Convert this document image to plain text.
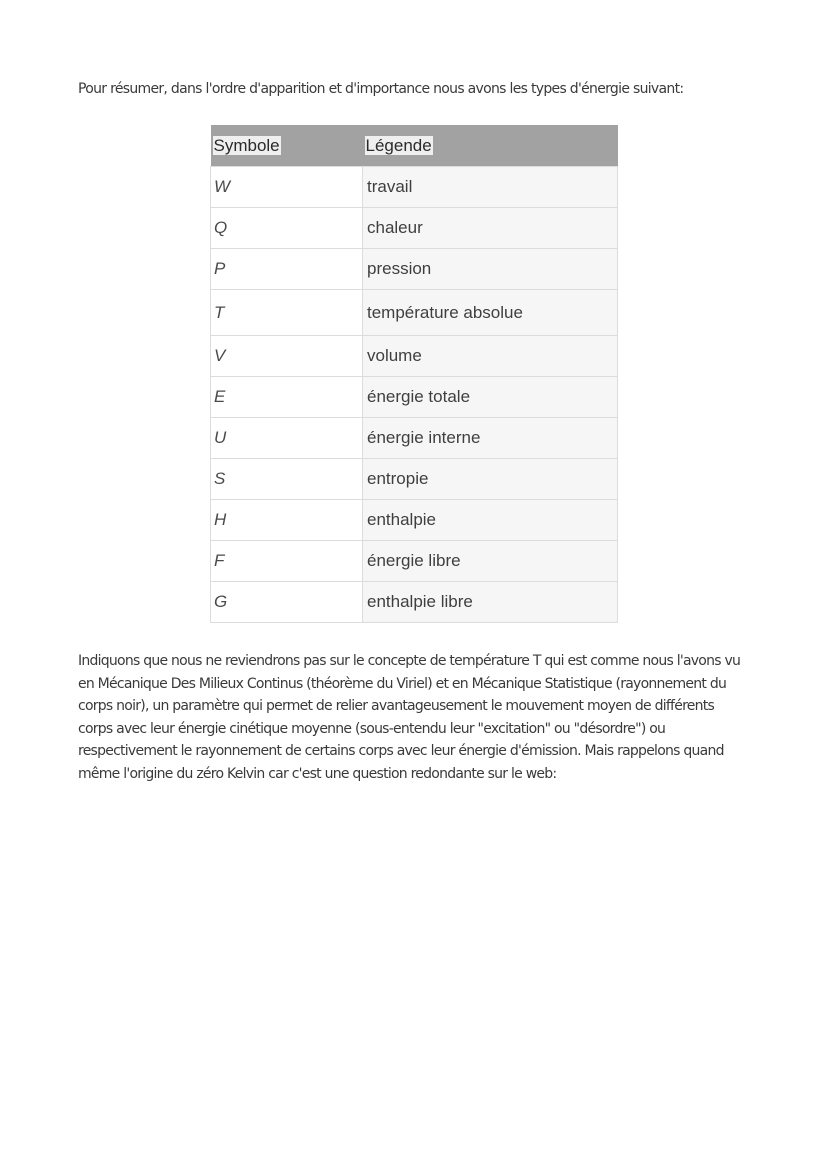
Pour résumer, dans l'ordre d'apparition et d'importance nous avons les types d'énergie suivant:

Symbole	Légende
W	travail
Q	chaleur
P	pression
T	température absolue
V	volume
E	énergie totale
U	énergie interne
S	entropie
H	enthalpie
F	énergie libre
G	enthalpie libre

Indiquons que nous ne reviendrons pas sur le concepte de température T qui est comme nous l'avons vu en Mécanique Des Milieux Continus (théorème du Viriel) et en Mécanique Statistique (rayonnement du corps noir), un paramètre qui permet de relier avantageusement le mouvement moyen de différents corps avec leur énergie cinétique moyenne (sous-entendu leur "excitation" ou "désordre") ou respectivement le rayonnement de certains corps avec leur énergie d'émission. Mais rappelons quand même l'origine du zéro Kelvin car c'est une question redondante sur le web:
